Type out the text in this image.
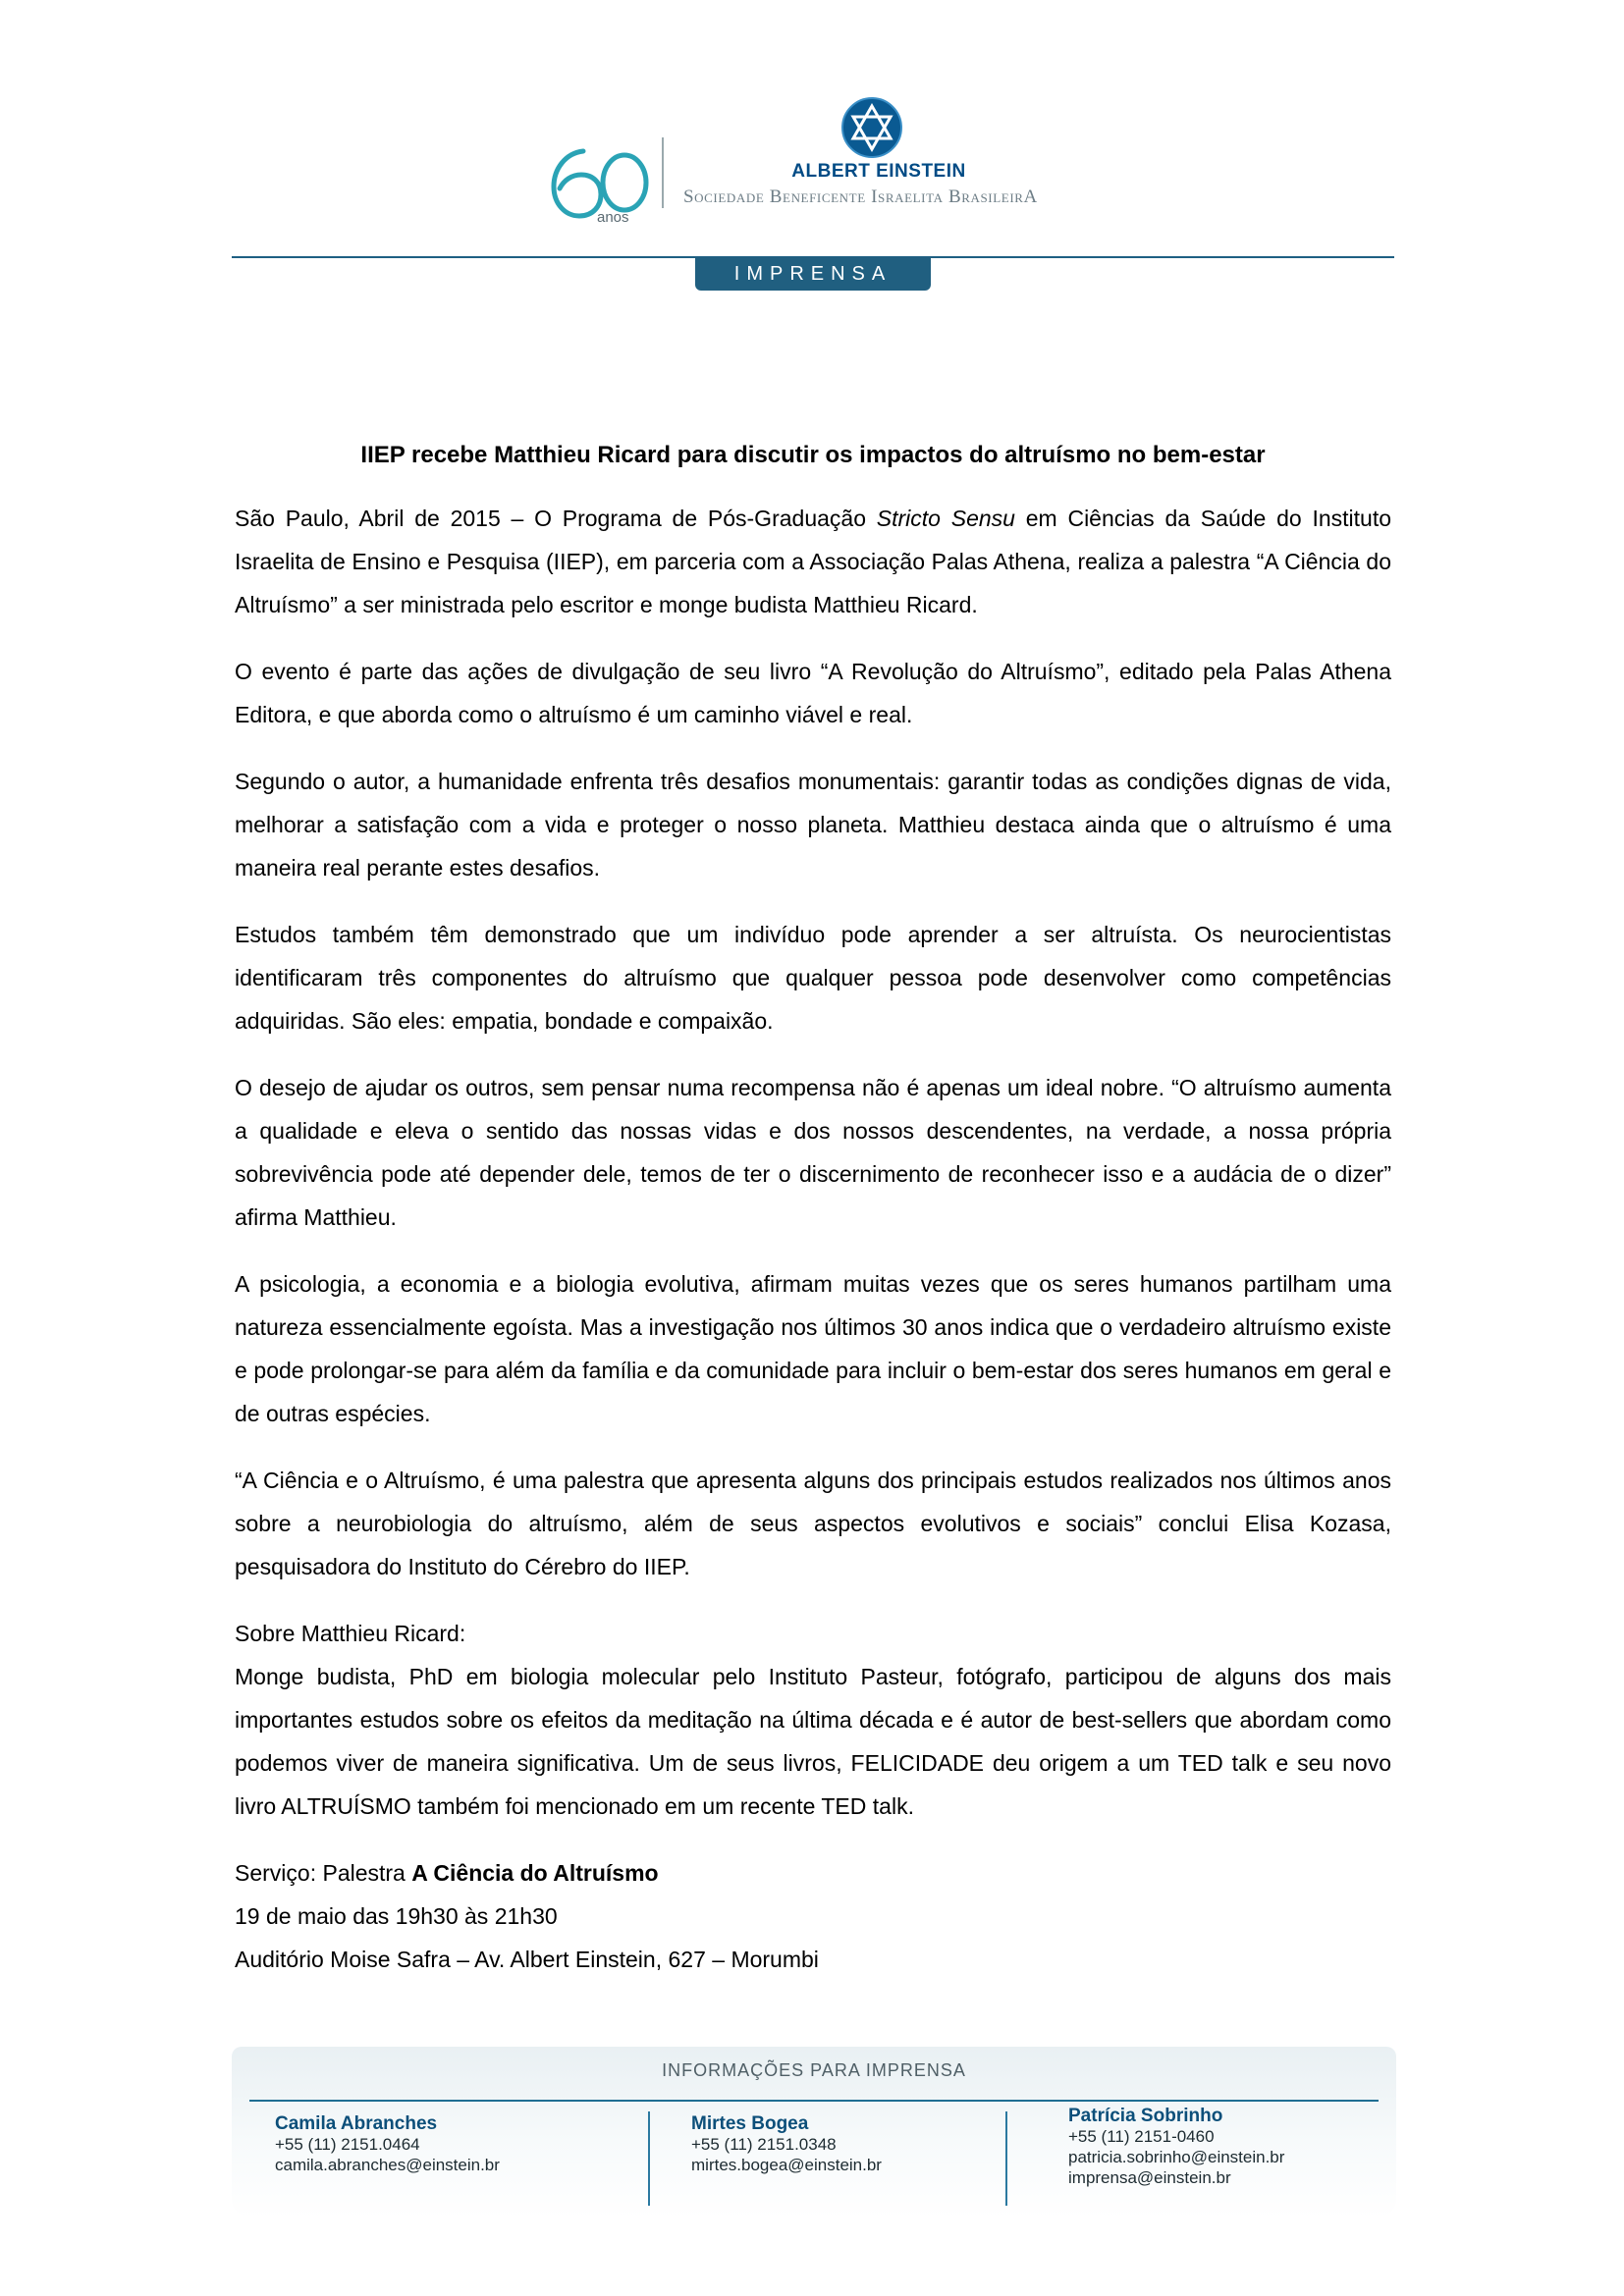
anos
ALBERT EINSTEIN
Sociedade Beneficente Israelita BrasileirA
IMPRENSA
IIEP recebe Matthieu Ricard para discutir os impactos do altruísmo no bem-estar

São Paulo, Abril de 2015 – O Programa de Pós-Graduação Stricto Sensu em Ciências da Saúde do Instituto Israelita de Ensino e Pesquisa (IIEP), em parceria com a Associação Palas Athena, realiza a palestra “A Ciência do Altruísmo” a ser ministrada pelo escritor e monge budista Matthieu Ricard.

O evento é parte das ações de divulgação de seu livro “A Revolução do Altruísmo”, editado pela Palas Athena Editora, e que aborda como o altruísmo é um caminho viável e real.

Segundo o autor, a humanidade enfrenta três desafios monumentais: garantir todas as condições dignas de vida, melhorar a satisfação com a vida e proteger o nosso planeta. Matthieu destaca ainda que o altruísmo é uma maneira real perante estes desafios.

Estudos também têm demonstrado que um indivíduo pode aprender a ser altruísta. Os neurocientistas identificaram três componentes do altruísmo que qualquer pessoa pode desenvolver como competências adquiridas. São eles: empatia, bondade e compaixão.

O desejo de ajudar os outros, sem pensar numa recompensa não é apenas um ideal nobre. “O altruísmo aumenta a qualidade e eleva o sentido das nossas vidas e dos nossos descendentes, na verdade, a nossa própria sobrevivência pode até depender dele, temos de ter o discernimento de reconhecer isso e a audácia de o dizer” afirma Matthieu.

A psicologia, a economia e a biologia evolutiva, afirmam muitas vezes que os seres humanos partilham uma natureza essencialmente egoísta. Mas a investigação nos últimos 30 anos indica que o verdadeiro altruísmo existe e pode prolongar-se para além da família e da comunidade para incluir o bem-estar dos seres humanos em geral e de outras espécies.

“A Ciência e o Altruísmo, é uma palestra que apresenta alguns dos principais estudos realizados nos últimos anos sobre a neurobiologia do altruísmo, além de seus aspectos evolutivos e sociais” conclui Elisa Kozasa, pesquisadora do Instituto do Cérebro do IIEP.

Sobre Matthieu Ricard:
Monge budista, PhD em biologia molecular pelo Instituto Pasteur, fotógrafo, participou de alguns dos mais importantes estudos sobre os efeitos da meditação na última década e é autor de best-sellers que abordam como podemos viver de maneira significativa. Um de seus livros, FELICIDADE deu origem a um TED talk e seu novo livro ALTRUÍSMO também foi mencionado em um recente TED talk.
Serviço: Palestra A Ciência do Altruísmo
19 de maio das 19h30 às 21h30
Auditório Moise Safra – Av. Albert Einstein, 627 – Morumbi
INFORMAÇÕES PARA IMPRENSA
Camila Abranches
+55 (11) 2151.0464
camila.abranches@einstein.br
Mirtes Bogea
+55 (11) 2151.0348
mirtes.bogea@einstein.br
Patrícia Sobrinho
+55 (11) 2151-0460
patricia.sobrinho@einstein.br
imprensa@einstein.br
